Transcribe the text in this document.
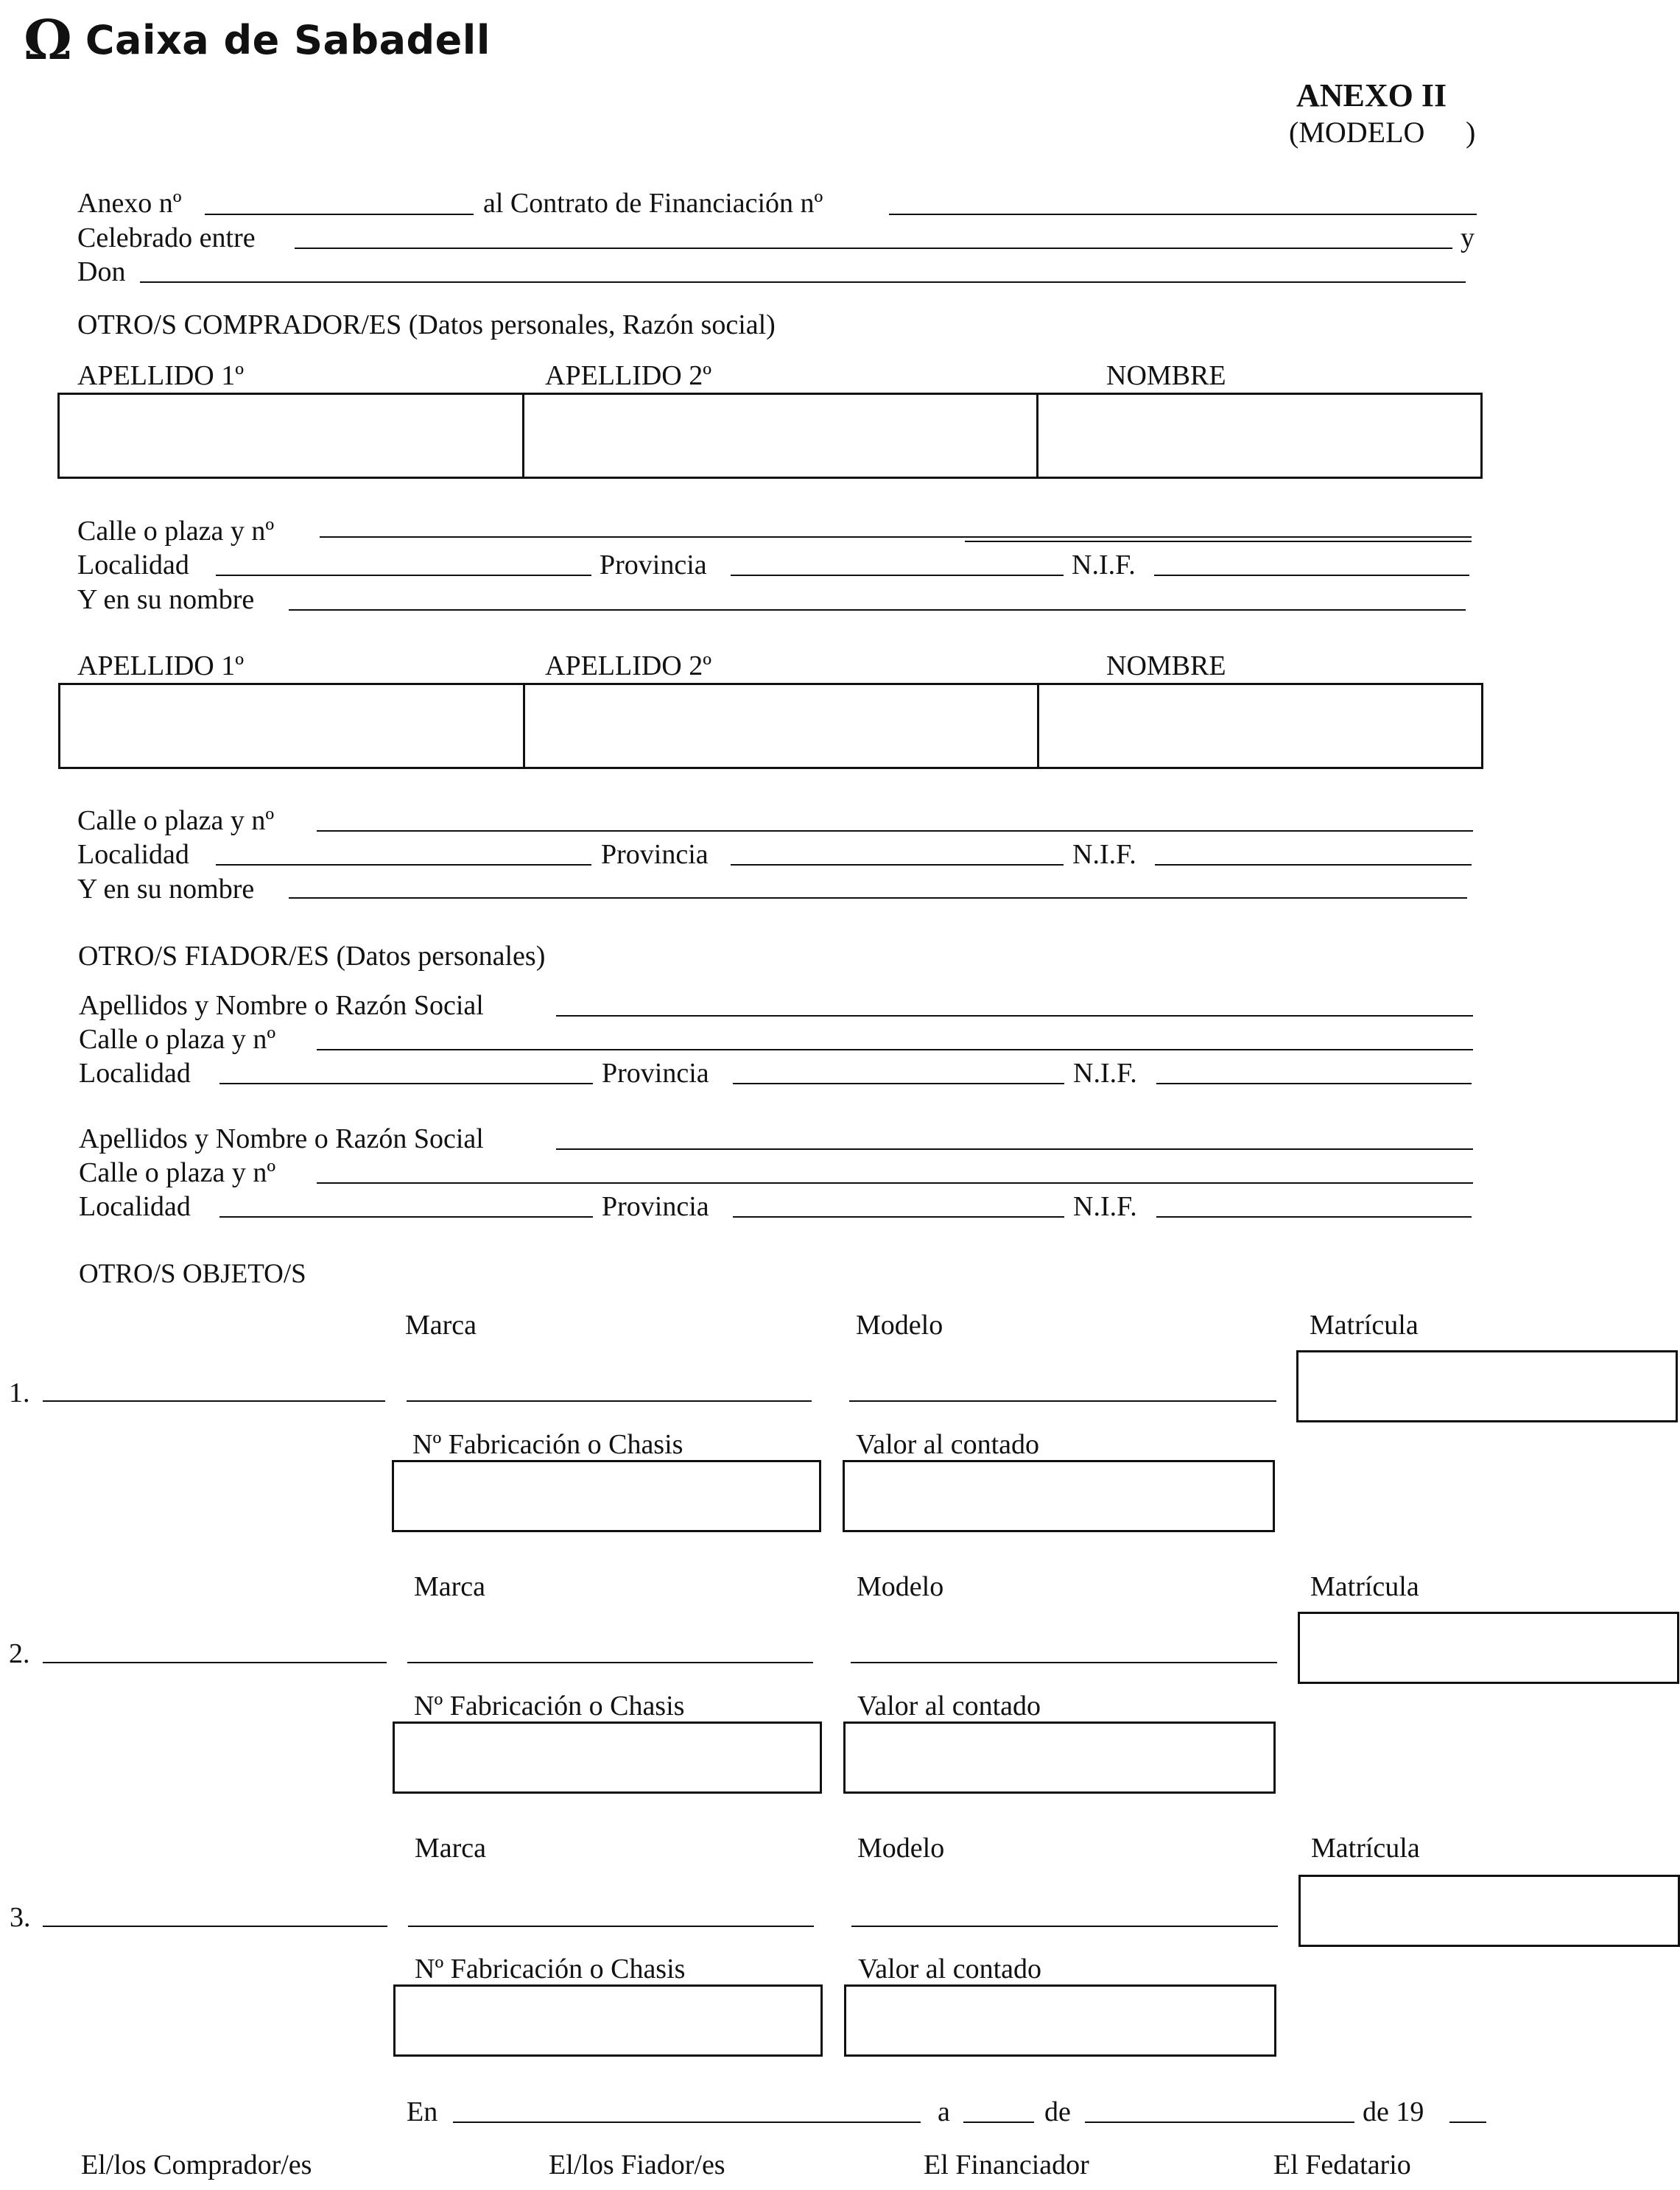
Ω Caixa de Sabadell
ANEXO II
(MODELO )
Anexo nº	al Contrato de Financiación nº
Celebrado entre	y
Don
OTRO/S COMPRADOR/ES (Datos personales, Razón social)
APELLIDO 1º	APELLIDO 2º	NOMBRE
Calle o plaza y nº
Localidad	Provincia	N.I.F.
Y en su nombre
APELLIDO 1º	APELLIDO 2º	NOMBRE
Calle o plaza y nº
Localidad	Provincia	N.I.F.
Y en su nombre
OTRO/S FIADOR/ES (Datos personales)
Apellidos y Nombre o Razón Social
Calle o plaza y nº
Localidad	Provincia	N.I.F.
Apellidos y Nombre o Razón Social
Calle o plaza y nº
Localidad	Provincia	N.I.F.
OTRO/S OBJETO/S
Marca	Modelo	Matrícula
1.
Nº Fabricación o Chasis	Valor al contado
Marca	Modelo	Matrícula
2.
Nº Fabricación o Chasis	Valor al contado
Marca	Modelo	Matrícula
3.
Nº Fabricación o Chasis	Valor al contado
En	a	de	de 19
El/los Comprador/es	El/los Fiador/es	El Financiador	El Fedatario
